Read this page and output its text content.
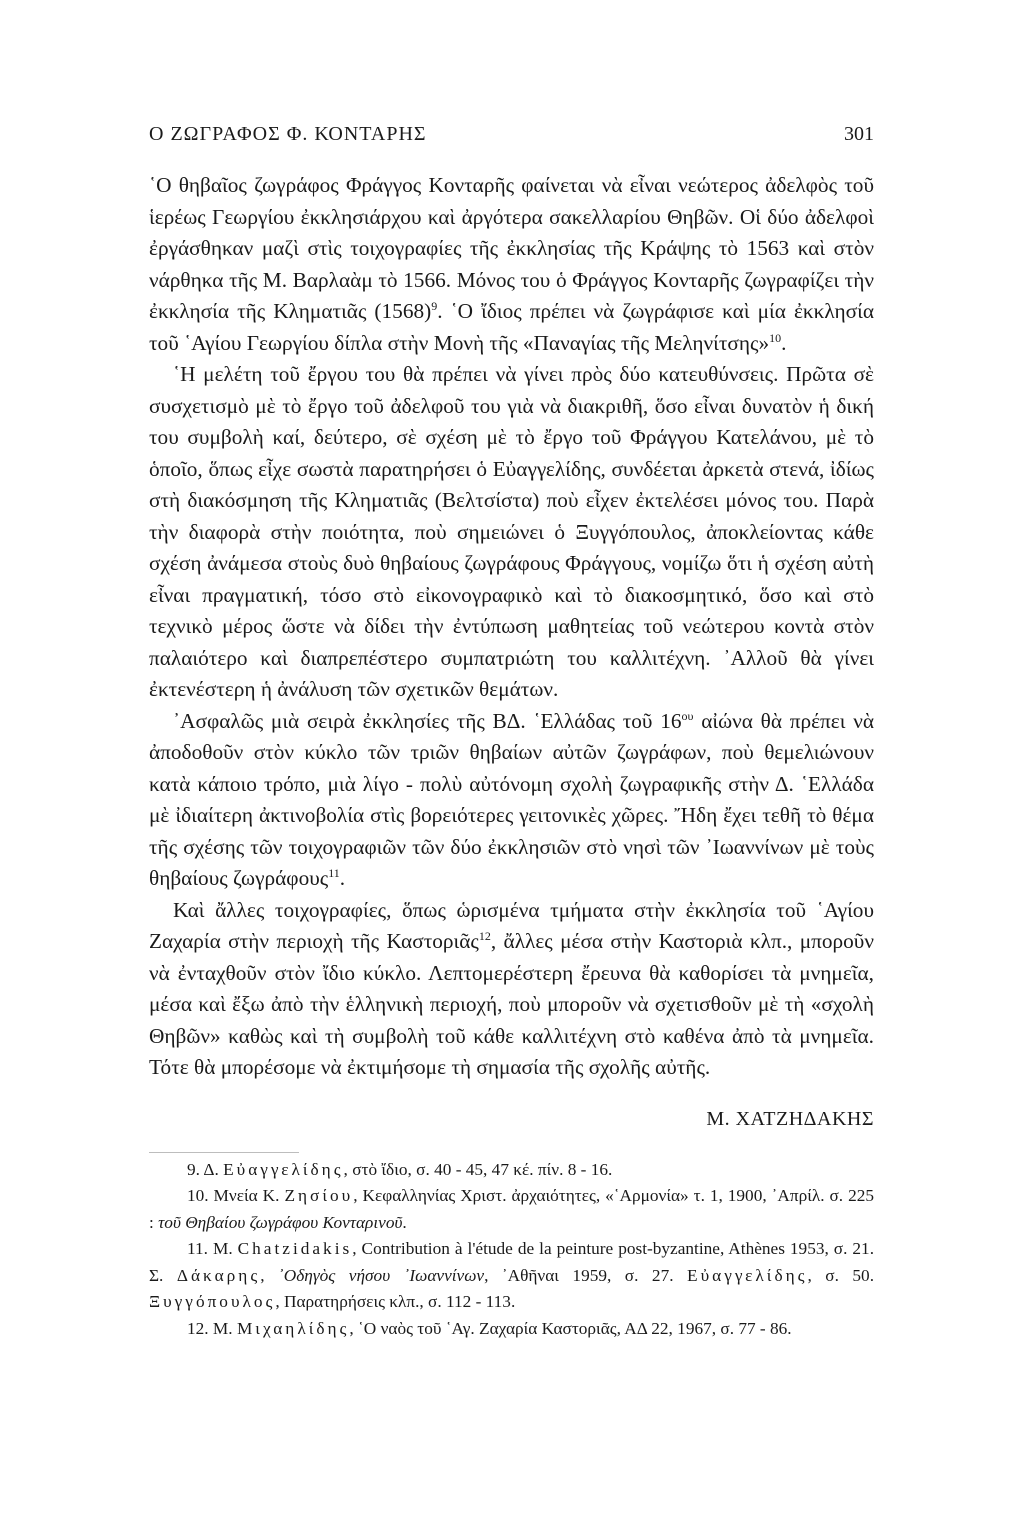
Ο ΖΩΓΡΑΦΟΣ Φ. ΚΟΝΤΑΡΗΣ	301

῾Ο θηβαῖος ζωγράφος Φράγγος Κονταρῆς φαίνεται νὰ εἶναι νεώτερος ἀδελφὸς τοῦ ἱερέως Γεωργίου ἐκκλησιάρχου καὶ ἀργότερα σακελλαρίου Θηβῶν. Οἱ δύο ἀδελφοὶ ἐργάσθηκαν μαζὶ στὶς τοιχογραφίες τῆς ἐκκλησίας τῆς Κράψης τὸ 1563 καὶ στὸν νάρθηκα τῆς Μ. Βαρλαὰμ τὸ 1566. Μόνος του ὁ Φράγγος Κονταρῆς ζωγραφίζει τὴν ἐκκλησία τῆς Κληματιᾶς $(1568)^9$. ῾Ο ἴδιος πρέπει νὰ ζωγράφισε καὶ μία ἐκκλησία τοῦ ῾Αγίου Γεωργίου δίπλα στὴν Μονὴ τῆς «Παναγίας τῆς Μεληνίτσης»$^{10}$.

῾Η μελέτη τοῦ ἔργου του θὰ πρέπει νὰ γίνει πρὸς δύο κατευθύνσεις. Πρῶτα σὲ συσχετισμὸ μὲ τὸ ἔργο τοῦ ἀδελφοῦ του γιὰ νὰ διακριθῆ, ὅσο εἶναι δυνατὸν ἡ δική του συμβολὴ καί, δεύτερο, σὲ σχέση μὲ τὸ ἔργο τοῦ Φράγγου Κατελάνου, μὲ τὸ ὁποῖο, ὅπως εἶχε σωστὰ παρατηρήσει ὁ Εὐαγγελίδης, συνδέεται ἀρκετὰ στενά, ἰδίως στὴ διακόσμηση τῆς Κληματιᾶς (Βελτσίστα) ποὺ εἶχεν ἐκτελέσει μόνος του. Παρὰ τὴν διαφορὰ στὴν ποιότητα, ποὺ σημειώνει ὁ Ξυγγόπουλος, ἀποκλείοντας κάθε σχέση ἀνάμεσα στοὺς δυὸ θηβαίους ζωγράφους Φράγγους, νομίζω ὅτι ἡ σχέση αὐτὴ εἶναι πραγματική, τόσο στὸ εἰκονογραφικὸ καὶ τὸ διακοσμητικό, ὅσο καὶ στὸ τεχνικὸ μέρος ὥστε νὰ δίδει τὴν ἐντύπωση μαθητείας τοῦ νεώτερου κοντὰ στὸν παλαιότερο καὶ διαπρεπέστερο συμπατριώτη του καλλιτέχνη. ᾿Αλλοῦ θὰ γίνει ἐκτενέστερη ἡ ἀνάλυση τῶν σχετικῶν θεμάτων.

᾿Ασφαλῶς μιὰ σειρὰ ἐκκλησίες τῆς ΒΔ. ῾Ελλάδας τοῦ $16^{o\upsilon}$ αἰώνα θὰ πρέπει νὰ ἀποδοθοῦν στὸν κύκλο τῶν τριῶν θηβαίων αὐτῶν ζωγράφων, ποὺ θεμελιώνουν κατὰ κάποιο τρόπο, μιὰ λίγο - πολὺ αὐτόνομη σχολὴ ζωγραφικῆς στὴν Δ. ῾Ελλάδα μὲ ἰδιαίτερη ἀκτινοβολία στὶς βορειότερες γειτονικὲς χῶρες. Ἤδη ἔχει τεθῆ τὸ θέμα τῆς σχέσης τῶν τοιχογραφιῶν τῶν δύο ἐκκλησιῶν στὸ νησὶ τῶν ᾿Ιωαννίνων μὲ τοὺς θηβαίους ζωγράφους$^{11}$.

Καὶ ἄλλες τοιχογραφίες, ὅπως ὡρισμένα τμήματα στὴν ἐκκλησία τοῦ ῾Αγίου Ζαχαρία στὴν περιοχὴ τῆς Καστοριᾶς$^{12}$, ἄλλες μέσα στὴν Καστοριὰ κλπ., μποροῦν νὰ ἐνταχθοῦν στὸν ἴδιο κύκλο. Λεπτομερέστερη ἔρευνα θὰ καθορίσει τὰ μνημεῖα, μέσα καὶ ἔξω ἀπὸ τὴν ἑλληνικὴ περιοχή, ποὺ μποροῦν νὰ σχετισθοῦν μὲ τὴ «σχολὴ Θηβῶν» καθὼς καὶ τὴ συμβολὴ τοῦ κάθε καλλιτέχνη στὸ καθένα ἀπὸ τὰ μνημεῖα. Τότε θὰ μπορέσομε νὰ ἐκτιμήσομε τὴ σημασία τῆς σχολῆς αὐτῆς.

Μ. ΧΑΤΖΗΔΑΚΗΣ

9. Δ. Εὐαγγελίδης, στὸ ἴδιο, σ. 40 - 45, 47 κέ. πίν. 8 - 16.

10. Μνεία Κ. Ζησίου, Κεφαλληνίας Χριστ. ἀρχαιότητες, «῾Αρμονία» τ. 1, 1900, ᾿Απρίλ. σ. 225 : τοῦ Θηβαίου ζωγράφου Κονταρινοῦ.

11. Μ. Chatzidakis, Contribution à l'étude de la peinture post-byzantine, Athènes 1953, σ. 21. Σ. Δάκαρης, ᾿Οδηγὸς νήσου ᾿Ιωαννίνων, ᾿Αθῆναι 1959, σ. 27. Εὐαγγελίδης, σ. 50. Ξυγγόπουλος, Παρατηρήσεις κλπ., σ. 112 - 113.

12. Μ. Μιχαηλίδης, ῾Ο ναὸς τοῦ ῾Αγ. Ζαχαρία Καστοριᾶς, ΑΔ 22, 1967, σ. 77 - 86.
